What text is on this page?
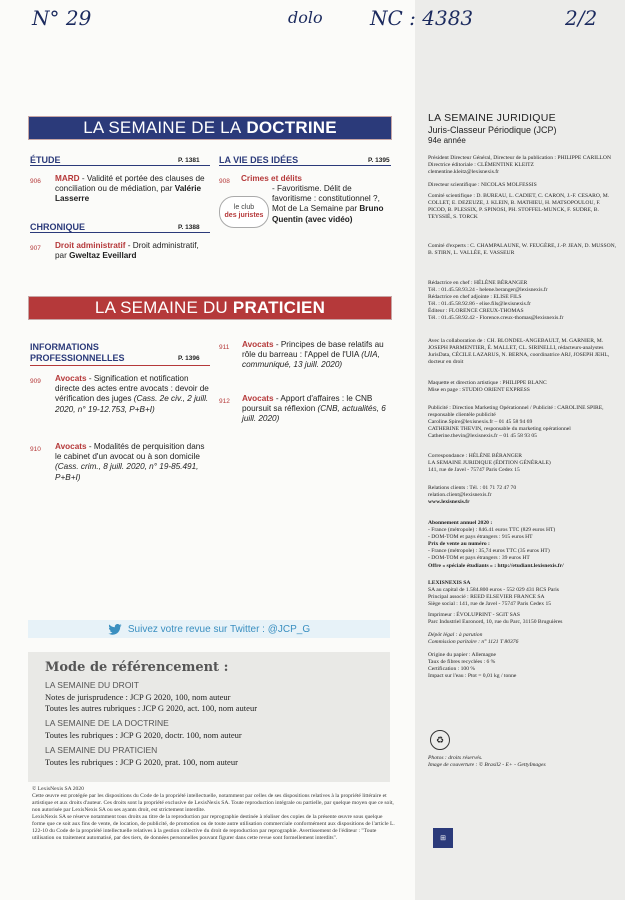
N° 29	dolo NC : 4383	2/2
LA SEMAINE DE LA DOCTRINE
ÉTUDE	P. 1381
906 MARD - Validité et portée des clauses de conciliation ou de médiation, par Valérie Lasserre
CHRONIQUE	P. 1388
907 Droit administratif - Droit administratif, par Gweltaz Eveillard
LA VIE DES IDÉES	P. 1395
908
le club
des juristes
Crimes et délits
- Favoritisme. Délit de favoritisme : constitutionnel ?, Mot de La Semaine par Bruno Quentin (avec vidéo)
LA SEMAINE DU PRATICIEN
INFORMATIONS
PROFESSIONNELLES	P. 1396
909 Avocats - Signification et notification directe des actes entre avocats : devoir de vérification des juges (Cass. 2e civ., 2 juill. 2020, n° 19-12.753, P+B+I)
910 Avocats - Modalités de perquisition dans le cabinet d'un avocat ou à son domicile (Cass. crim., 8 juill. 2020, n° 19-85.491, P+B+I)
911 Avocats - Principes de base relatifs au rôle du barreau : l'Appel de l'UIA (UIA, communiqué, 13 juill. 2020)
912 Avocats - Apport d'affaires : le CNB poursuit sa réflexion (CNB, actualités, 6 juill. 2020)
Suivez votre revue sur Twitter : @JCP_G
Mode de référencement :
LA SEMAINE DU DROIT
Notes de jurisprudence : JCP G 2020, 100, nom auteur
Toutes les autres rubriques : JCP G 2020, act. 100, nom auteur
LA SEMAINE DE LA DOCTRINE
Toutes les rubriques : JCP G 2020, doctr. 100, nom auteur
LA SEMAINE DU PRATICIEN
Toutes les rubriques : JCP G 2020, prat. 100, nom auteur
© LexisNexis SA 2020
Cette œuvre est protégée par les dispositions du Code de la propriété intellectuelle, notamment par celles de ses dispositions relatives à la propriété littéraire et artistique et aux droits d'auteur. Ces droits sont la propriété exclusive de LexisNexis SA. Toute reproduction intégrale ou partielle, par quelque moyen que ce soit, non autorisée par LexisNexis SA ou ses ayants droit, est strictement interdite.
LexisNexis SA se réserve notamment tous droits au titre de la reproduction par reprographie destinée à réaliser des copies de la présente œuvre sous quelque forme que ce soit aux fins de vente, de location, de publicité, de promotion ou de toute autre utilisation commerciale conformément aux dispositions de l'article L. 122-10 du Code de la propriété intellectuelle relatives à la gestion collective du droit de reproduction par reprographie. Avertissement de l'éditeur : "Toute utilisation ou traitement automatisé, par des tiers, de données personnelles pouvant figurer dans cette revue sont formellement interdits".
LA SEMAINE JURIDIQUE
Juris-Classeur Périodique (JCP)
94e année
Président Directeur Général, Directeur de la publication : PHILIPPE CARILLON
Directrice éditoriale : CLÉMENTINE KLEITZ
clementine.kleitz@lexisnexis.fr
Directeur scientifique : NICOLAS MOLFESSIS
Comité scientifique : D. BUREAU, L. CADIET, C. CARON, J.-F. CESARO, M. COLLET, E. DEZEUZE, J. KLEIN, B. MATHIEU, H. MATSOPOULOU, F. PICOD, B. PLESSIX, P. SPINOSI, PH. STOFFEL-MUNCK, F. SUDRE, B. TEYSSIÉ, S. TORCK
Comité d'experts : C. CHAMPALAUNE, W. FEUGÈRE, J.-P. JEAN, D. MUSSON, B. STIRN, L. VALLÉE, E. VASSEUR
Rédactrice en chef : HÉLÈNE BÉRANGER
Tél. : 01.45.58.93.24 - helene.beranger@lexisnexis.fr
Rédactrice en chef adjointe : ELISE FILS
Tél. : 01.45.58.92.86 - elise.fils@lexisnexis.fr
Éditeur : FLORENCE CREUX-THOMAS
Tél. : 01.45.58.92.42 - Florence.creux-thomas@lexisnexis.fr
Avec la collaboration de : CH. BLONDEL-ANGEBAULT, M. GARNIER, M. JOSEPH PARMENTIER, É. MALLET, CL. SIRINELLI, rédacteurs-analystes JurisData, CÉCILE LAZARUS, N. BERNA, coordinatrice ARJ, JOSEPH JEHL, docteur en droit
Maquette et direction artistique : PHILIPPE BLANC
Mise en page : STUDIO ORIENT EXPRESS
Publicité : Direction Marketing Opérationnel / Publicité : CAROLINE SPIRE, responsable clientèle publicité
Caroline.Spire@lexisnexis.fr – 01 45 58 94 69
CATHERINE THEVIN, responsable du marketing opérationnel
Catherine.thevin@lexisnexis.fr – 01 45 58 93 05
Correspondance : HÉLÈNE BÉRANGER
LA SEMAINE JURIDIQUE (ÉDITION GÉNÉRALE)
141, rue de Javel - 75747 Paris Cedex 15
Relations clients : Tél. : 01 71 72 47 70
relation.client@lexisnexis.fr
www.lexisnexis.fr
Abonnement annuel 2020 :
- France (métropole) : 846.41 euros TTC (829 euros HT)
- DOM-TOM et pays étrangers : 915 euros HT
Prix de vente au numéro :
- France (métropole) : 35,74 euros TTC (35 euros HT)
- DOM-TOM et pays étrangers : 39 euros HT
Offre « spéciale étudiants » : http://etudiant.lexisnexis.fr/
LEXISNEXIS SA
SA au capital de 1.584.800 euros - 552 029 431 RCS Paris
Principal associé : REED ELSEVIER FRANCE SA
Siège social : 141, rue de Javel - 75747 Paris Cedex 15
Imprimeur : ÉVOLUPRINT - SGIT SAS
Parc Industriel Euronord, 10, rue du Parc, 31150 Bruguières
Dépôt légal : à parution
Commission paritaire : n° 1121 T 80376
Origine du papier : Allemagne
Taux de fibres recyclées : 6 %
Certification : 100 %
Impact sur l'eau : Ptot = 0,01 kg / tonne
♻
Photos : droits réservés.
Image de couverture : © Brasil2 - E+ - GettyImages
⊞
